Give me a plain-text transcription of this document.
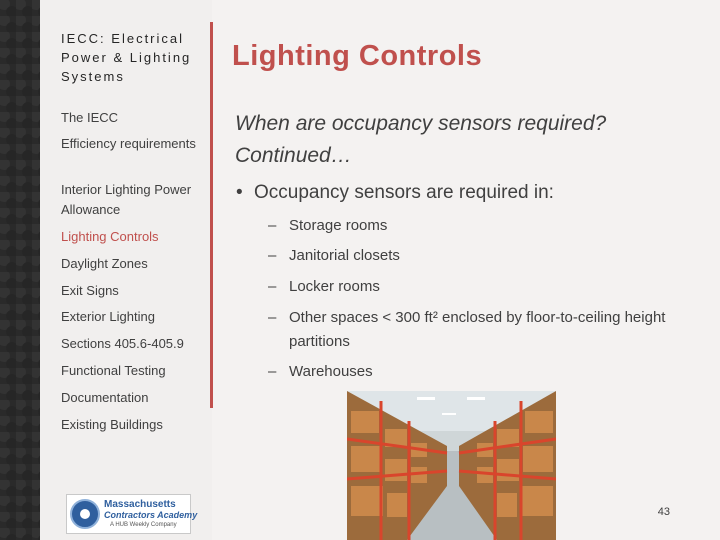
IECC: Electrical Power & Lighting Systems
The IECC
Efficiency requirements
Interior Lighting Power Allowance
Lighting Controls
Daylight Zones
Exit Signs
Exterior Lighting
Sections 405.6-405.9
Functional Testing
Documentation
Existing Buildings
Massachusetts
Contractors Academy
A HUB Weekly Company
Lighting Controls
When are occupancy sensors required? Continued…
• Occupancy sensors are required in:
– Storage rooms
– Janitorial closets
– Locker rooms
– Other spaces < 300 ft² enclosed by floor-to-ceiling height partitions
– Warehouses
43
